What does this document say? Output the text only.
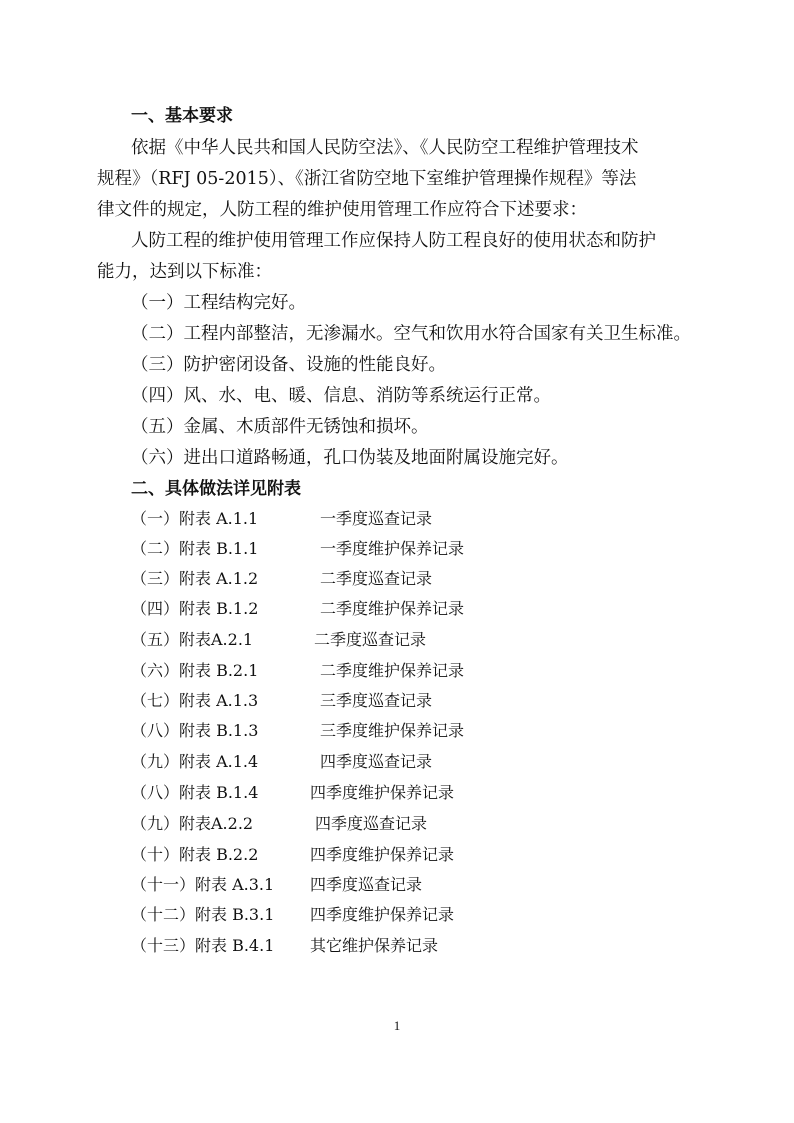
一、基本要求
依据《中华人民共和国人民防空法》、《人民防空工程维护管理技术
规程》（RFJ 05-2015）、《浙江省防空地下室维护管理操作规程》等法
律文件的规定，人防工程的维护使用管理工作应符合下述要求：
人防工程的维护使用管理工作应保持人防工程良好的使用状态和防护
能力，达到以下标准：
（一）工程结构完好。
（二）工程内部整洁，无渗漏水。空气和饮用水符合国家有关卫生标准。
（三）防护密闭设备、设施的性能良好。
（四）风、水、电、暖、信息、消防等系统运行正常。
（五）金属、木质部件无锈蚀和损坏。
（六）进出口道路畅通，孔口伪装及地面附属设施完好。
二、具体做法详见附表
（一）附表 A.1.1	一季度巡查记录
（二）附表 B.1.1	一季度维护保养记录
（三）附表 A.1.2	二季度巡查记录
（四）附表 B.1.2	二季度维护保养记录
（五）附表A.2.1	二季度巡查记录
（六）附表 B.2.1	二季度维护保养记录
（七）附表 A.1.3	三季度巡查记录
（八）附表 B.1.3	三季度维护保养记录
（九）附表 A.1.4	四季度巡查记录
（八）附表 B.1.4	四季度维护保养记录
（九）附表A.2.2	四季度巡查记录
（十）附表 B.2.2	四季度维护保养记录
（十一）附表 A.3.1 四季度巡查记录
（十二）附表 B.3.1 四季度维护保养记录
（十三）附表 B.4.1 其它维护保养记录
1
